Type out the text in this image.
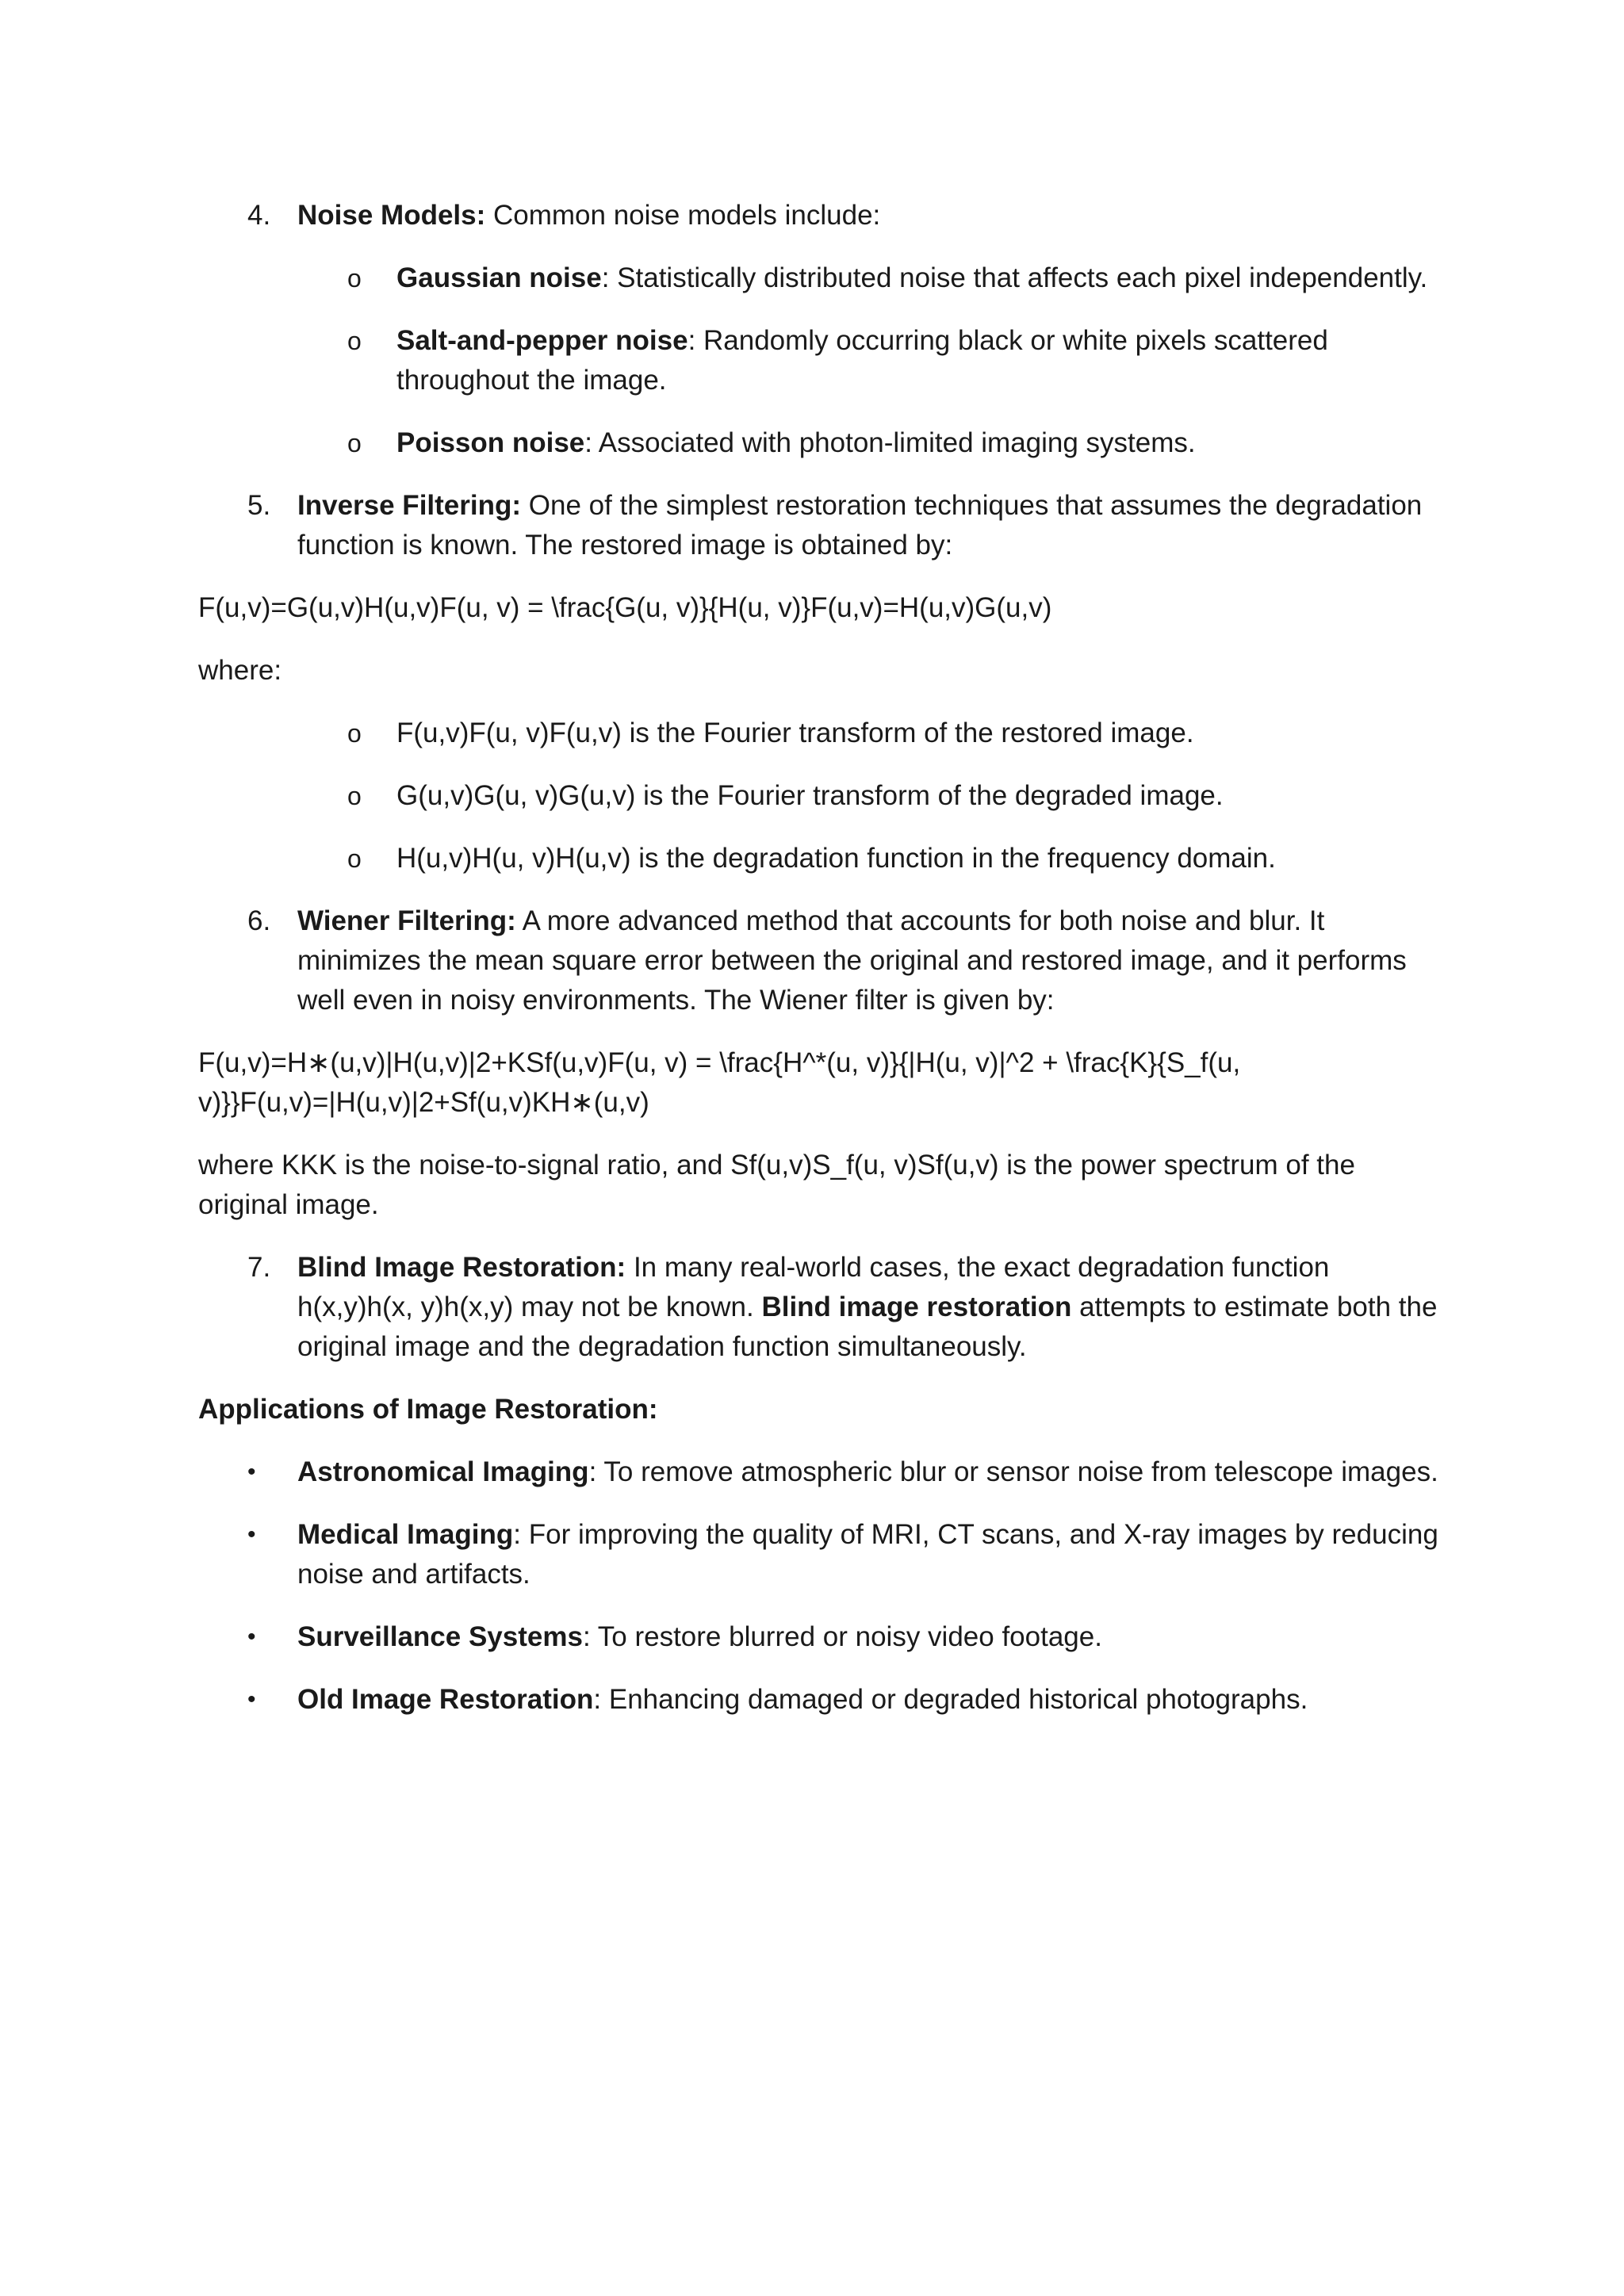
4. Noise Models: Common noise models include:
o Gaussian noise: Statistically distributed noise that affects each pixel independently.
o Salt-and-pepper noise: Randomly occurring black or white pixels scattered throughout the image.
o Poisson noise: Associated with photon-limited imaging systems.
5. Inverse Filtering: One of the simplest restoration techniques that assumes the degradation function is known. The restored image is obtained by:
F(u,v)=G(u,v)H(u,v)F(u, v) = \frac{G(u, v)}{H(u, v)}F(u,v)=H(u,v)G(u,v)
where:
o F(u,v)F(u, v)F(u,v) is the Fourier transform of the restored image.
o G(u,v)G(u, v)G(u,v) is the Fourier transform of the degraded image.
o H(u,v)H(u, v)H(u,v) is the degradation function in the frequency domain.
6. Wiener Filtering: A more advanced method that accounts for both noise and blur. It minimizes the mean square error between the original and restored image, and it performs well even in noisy environments. The Wiener filter is given by:
F(u,v)=H∗(u,v)|H(u,v)|2+KSf(u,v)F(u, v) = \frac{H^*(u, v)}{|H(u, v)|^2 + \frac{K}{S_f(u, v)}}F(u,v)=|H(u,v)|2+Sf(u,v)KH∗(u,v)
where KKK is the noise-to-signal ratio, and Sf(u,v)S_f(u, v)Sf(u,v) is the power spectrum of the original image.
7. Blind Image Restoration: In many real-world cases, the exact degradation function h(x,y)h(x, y)h(x,y) may not be known. Blind image restoration attempts to estimate both the original image and the degradation function simultaneously.
Applications of Image Restoration:
• Astronomical Imaging: To remove atmospheric blur or sensor noise from telescope images.
• Medical Imaging: For improving the quality of MRI, CT scans, and X-ray images by reducing noise and artifacts.
• Surveillance Systems: To restore blurred or noisy video footage.
• Old Image Restoration: Enhancing damaged or degraded historical photographs.
